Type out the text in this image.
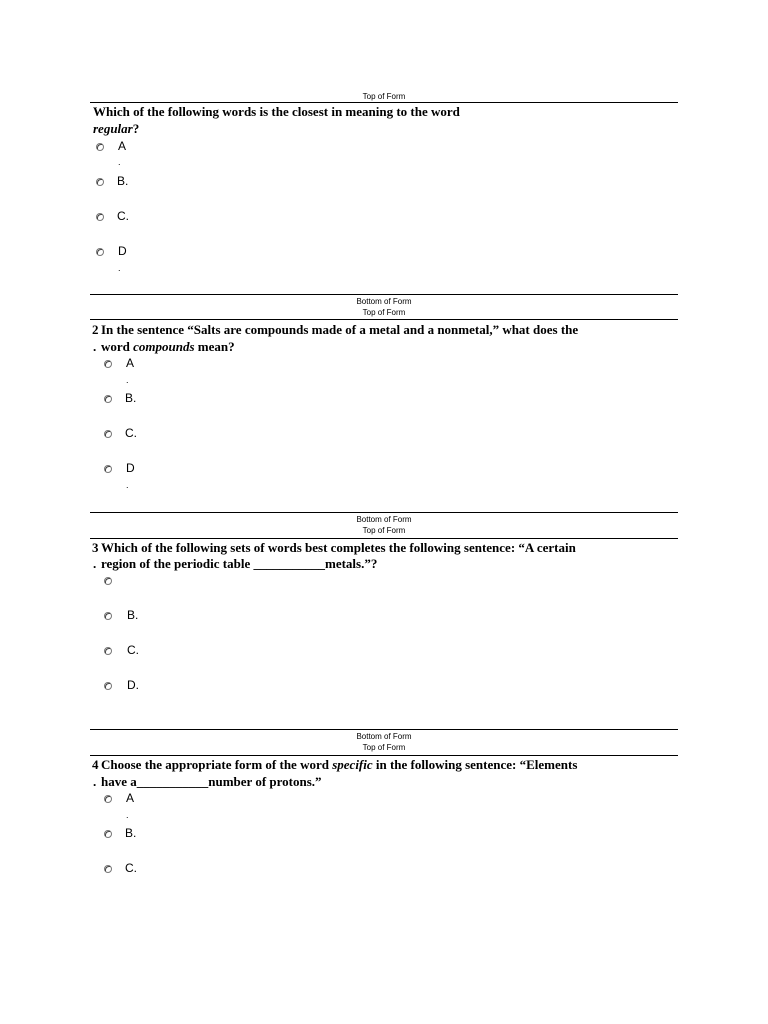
Top of Form
Which of the following words is the closest in meaning to the word
regular?
A
.
B.
C.
D
.
Bottom of Form
Top of Form
2 In the sentence “Salts are compounds made of a metal and a nonmetal,” what does the
. word compounds mean?
A
.
B.
C.
D
.
Bottom of Form
Top of Form
3 Which of the following sets of words best completes the following sentence: “A certain
. region of the periodic table ___________metals.”?
B.
C.
D.
Bottom of Form
Top of Form
4 Choose the appropriate form of the word specific in the following sentence: “Elements
. have a___________number of protons.”
A
.
B.
C.
